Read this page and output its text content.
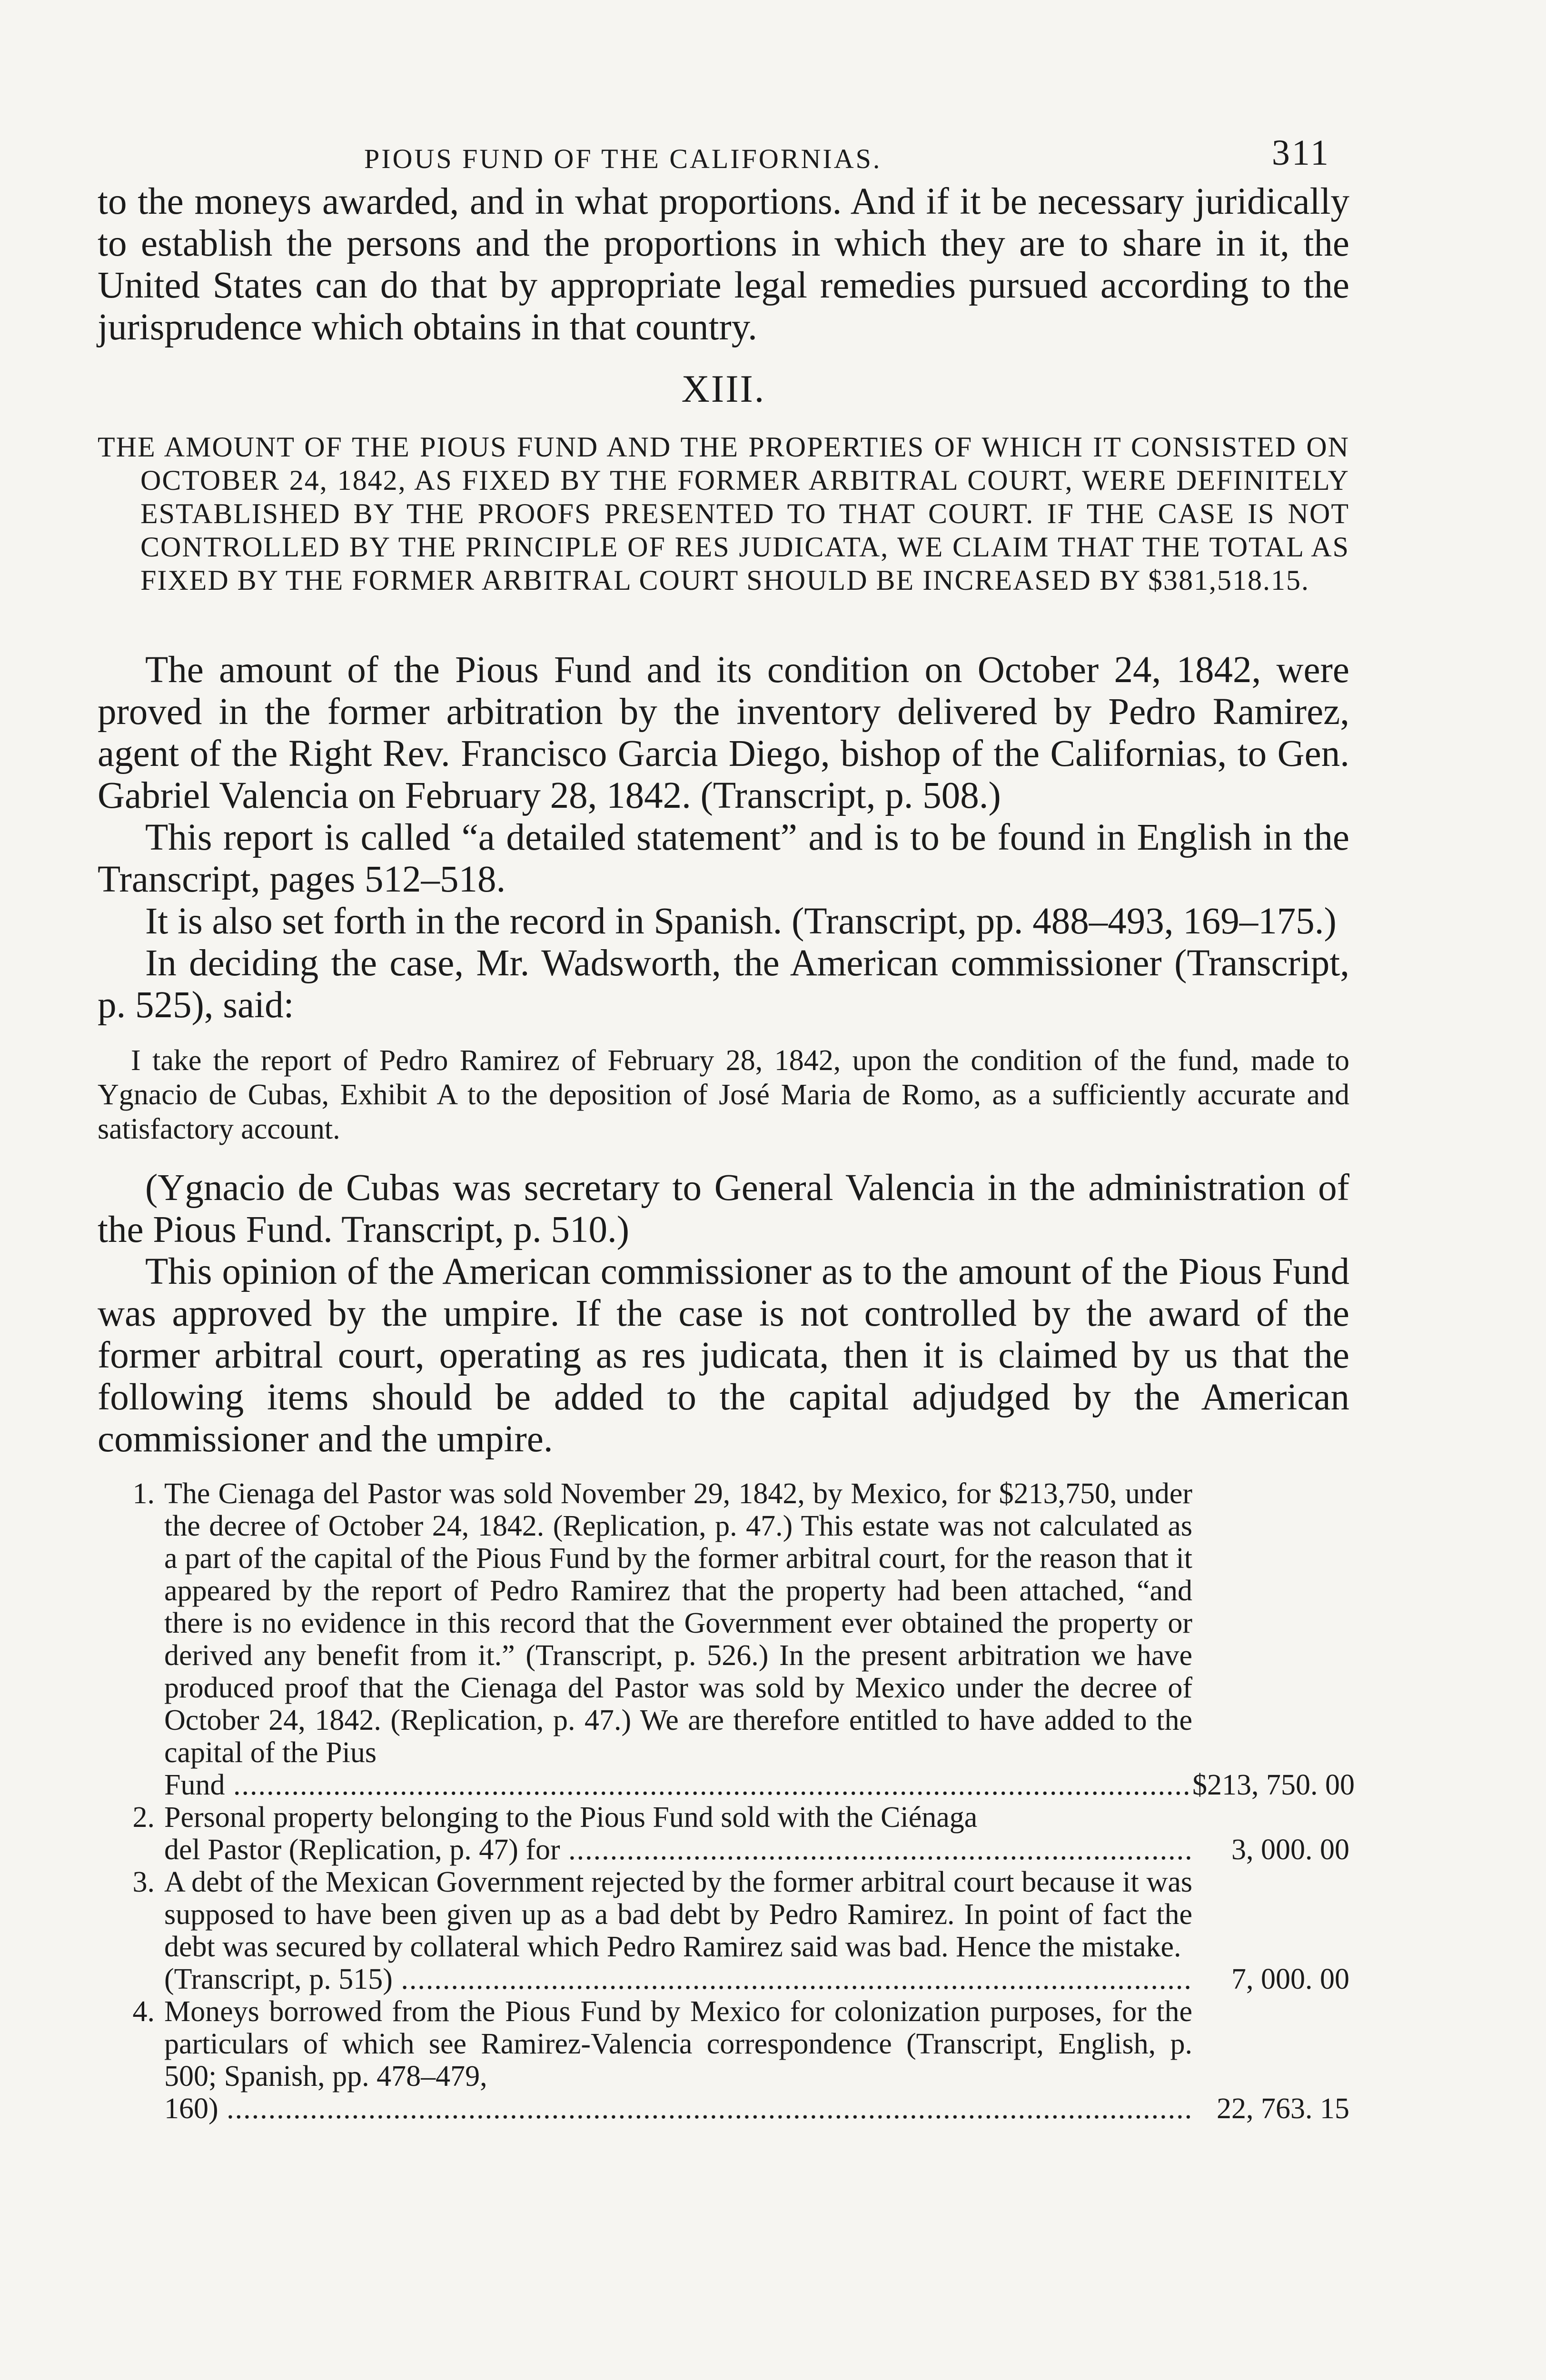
PIOUS FUND OF THE CALIFORNIAS.	311

to the moneys awarded, and in what proportions. And if it be necessary juridically to establish the persons and the proportions in which they are to share in it, the United States can do that by appropriate legal remedies pursued according to the jurisprudence which obtains in that country.

XIII.

THE AMOUNT OF THE PIOUS FUND AND THE PROPERTIES OF WHICH IT CONSISTED ON OCTOBER 24, 1842, AS FIXED BY THE FORMER ARBITRAL COURT, WERE DEFINITELY ESTABLISHED BY THE PROOFS PRESENTED TO THAT COURT. IF THE CASE IS NOT CONTROLLED BY THE PRINCIPLE OF RES JUDICATA, WE CLAIM THAT THE TOTAL AS FIXED BY THE FORMER ARBITRAL COURT SHOULD BE INCREASED BY $381,518.15.

The amount of the Pious Fund and its condition on October 24, 1842, were proved in the former arbitration by the inventory delivered by Pedro Ramirez, agent of the Right Rev. Francisco Garcia Diego, bishop of the Californias, to Gen. Gabriel Valencia on February 28, 1842. (Transcript, p. 508.)

This report is called “a detailed statement” and is to be found in English in the Transcript, pages 512–518.

It is also set forth in the record in Spanish. (Transcript, pp. 488–493, 169–175.)

In deciding the case, Mr. Wadsworth, the American commissioner (Transcript, p. 525), said:

I take the report of Pedro Ramirez of February 28, 1842, upon the condition of the fund, made to Ygnacio de Cubas, Exhibit A to the deposition of José Maria de Romo, as a sufficiently accurate and satisfactory account.

(Ygnacio de Cubas was secretary to General Valencia in the administration of the Pious Fund. Transcript, p. 510.)

This opinion of the American commissioner as to the amount of the Pious Fund was approved by the umpire. If the case is not controlled by the award of the former arbitral court, operating as res judicata, then it is claimed by us that the following items should be added to the capital adjudged by the American commissioner and the umpire.

1. The Cienaga del Pastor was sold November 29, 1842, by Mexico, for $213,750, under the decree of October 24, 1842. (Replication, p. 47.) This estate was not calculated as a part of the capital of the Pious Fund by the former arbitral court, for the reason that it appeared by the report of Pedro Ramirez that the property had been attached, “and there is no evidence in this record that the Government ever obtained the property or derived any benefit from it.” (Transcript, p. 526.) In the present arbitration we have produced proof that the Cienaga del Pastor was sold by Mexico under the decree of October 24, 1842. (Replication, p. 47.) We are therefore entitled to have added to the capital of the Pius
Fund .....	$213, 750. 00
2. Personal property belonging to the Pious Fund sold with the Ciénaga
del Pastor (Replication, p. 47) for .....	3, 000. 00
3. A debt of the Mexican Government rejected by the former arbitral court because it was supposed to have been given up as a bad debt by Pedro Ramirez. In point of fact the debt was secured by collateral which Pedro Ramirez said was bad. Hence the mistake.
(Transcript, p. 515) .....	7, 000. 00
4. Moneys borrowed from the Pious Fund by Mexico for colonization purposes, for the particulars of which see Ramirez-Valencia correspondence (Transcript, English, p. 500; Spanish, pp. 478–479,
160) .....	22, 763. 15
